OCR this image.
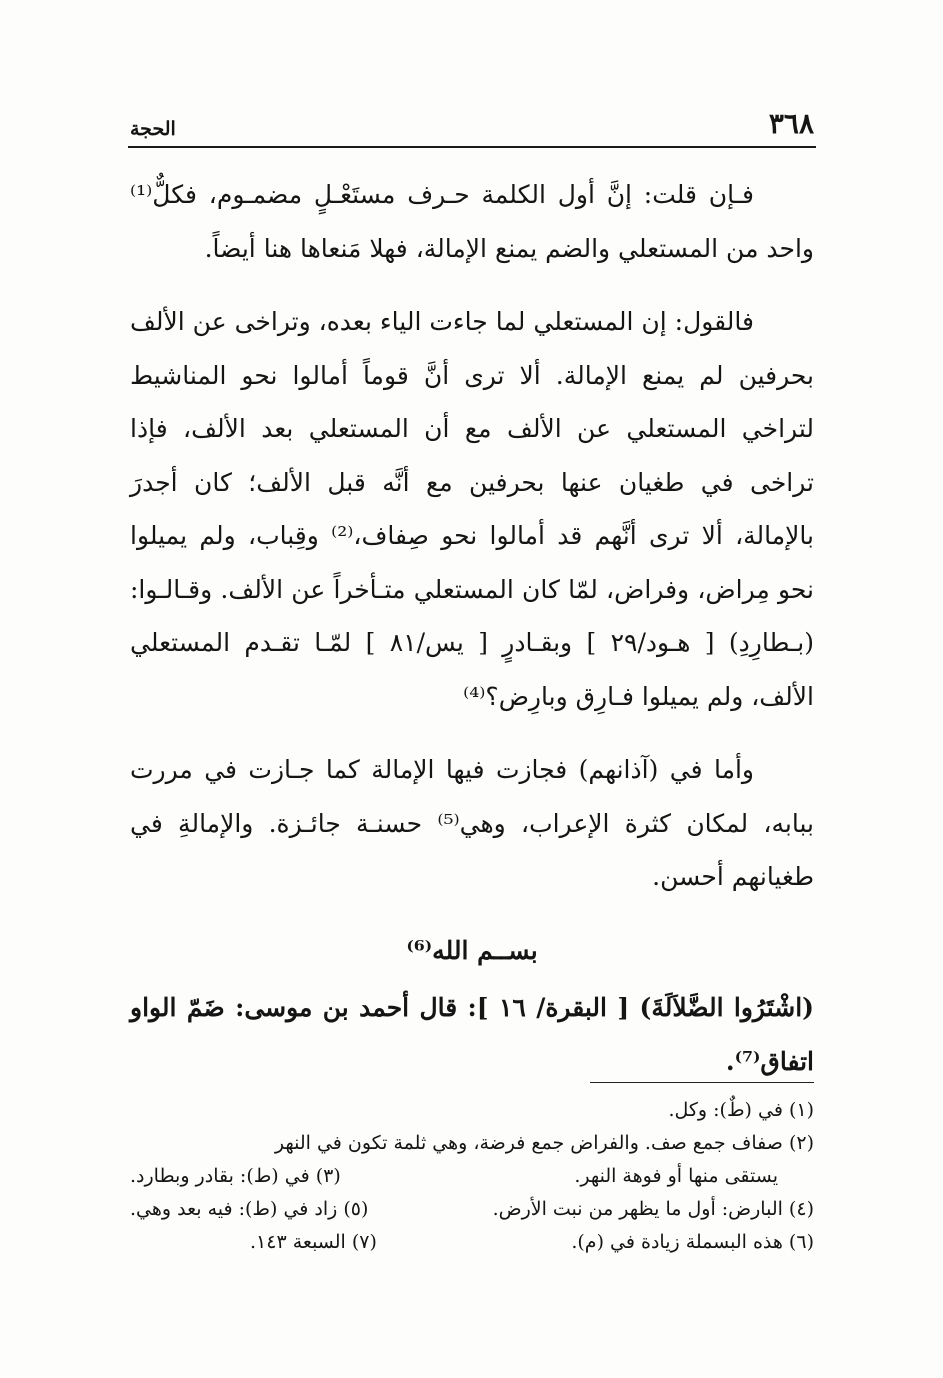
٣٦٨
الحجة

فـإن قلت: إنَّ أول الكلمة حـرف مستَعْـلٍ مضمـوم، فكلٌّ⁽¹⁾ واحد من المستعلي والضم يمنع الإمالة، فهلا مَنعاها هنا أيضاً.

فالقول: إن المستعلي لما جاءت الياء بعده، وتراخى عن الألف بحرفين لم يمنع الإمالة. ألا ترى أنَّ قوماً أمالوا نحو المناشيط لتراخي المستعلي عن الألف مع أن المستعلي بعد الألف، فإذا تراخى في طغيان عنها بحرفين مع أنَّه قبل الألف؛ كان أجدرَ بالإمالة، ألا ترى أنَّهم قد أمالوا نحو صِفاف،⁽²⁾ وقِباب، ولم يميلوا نحو مِراض، وفراض، لمّا كان المستعلي متـأخراً عن الألف. وقـالـوا: (بـطارِدِ) [ هـود/٢٩ ] وبقـادرٍ [ يس/٨١ ] لمّـا تقـدم المستعلي الألف، ولم يميلوا فـارِق وبارِض؟⁽⁴⁾

وأما في (آذانهم) فجازت فيها الإمالة كما جـازت في مررت ببابه، لمكان كثرة الإعراب، وهي⁽⁵⁾ حسنـة جائـزة. والإمالةِ في طغيانهم أحسن.

بســم الله⁽⁶⁾

(اشْتَرُوا الضَّلاَلَةَ) [ البقرة/ ١٦ ]: قال أحمد بن موسى: ضَمّ الواو اتفاق⁽⁷⁾.

(١) في (طٌ): وكل.

(٢) صفاف جمع صف. والفراض جمع فرضة، وهي ثلمة تكون في النهر

يستقى منها أو فوهة النهر.
(٣) في (ط): بقادر وبطارد.
(٤) البارض: أول ما يظهر من نبت الأرض.
(٥) زاد في (ط): فيه بعد وهي.
(٦) هذه البسملة زيادة في (م).
(٧) السبعة ١٤٣.
